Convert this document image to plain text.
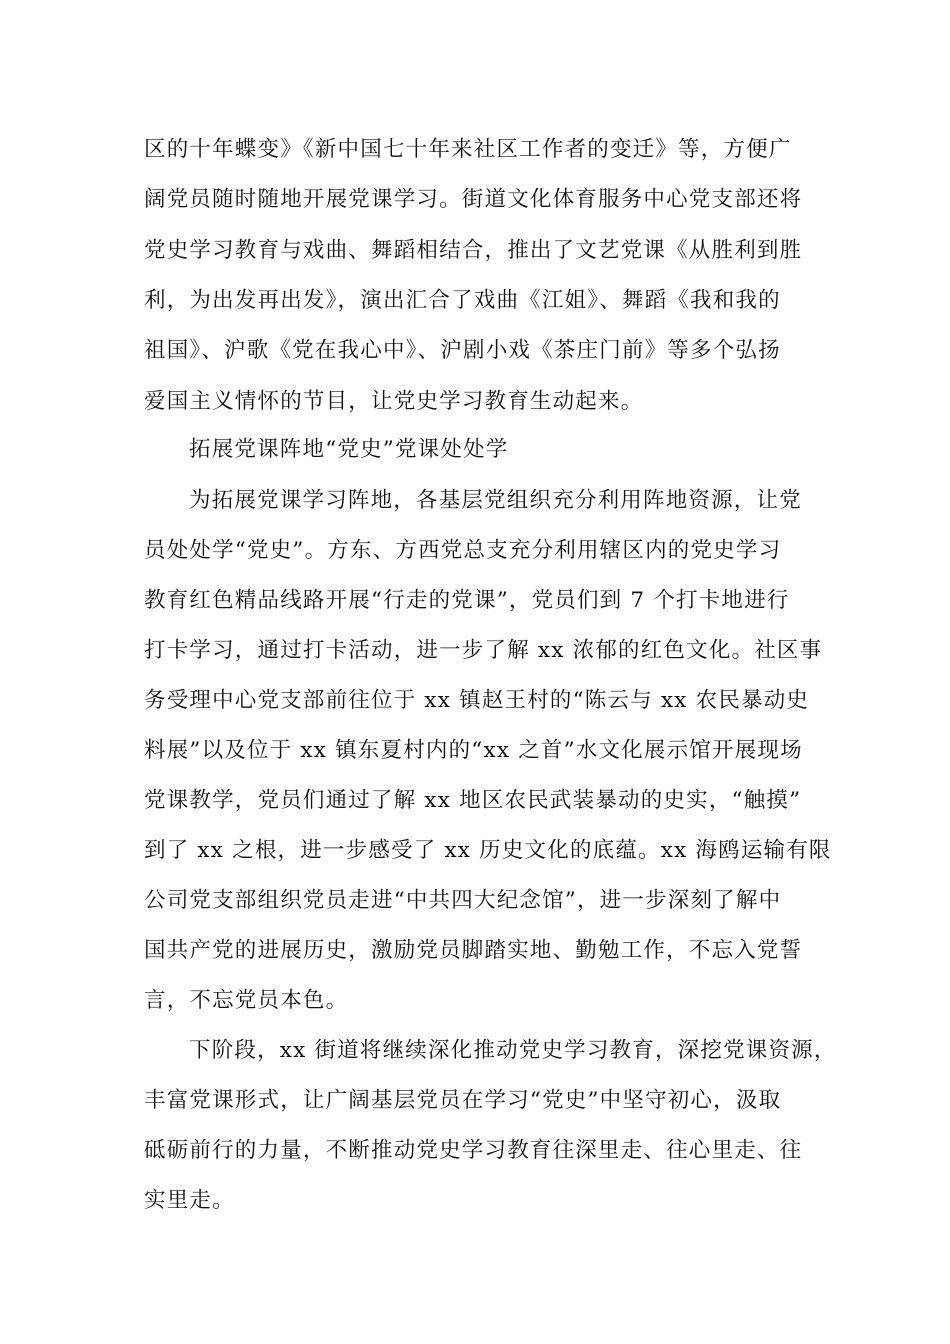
区的十年蝶变》《新中国七十年来社区工作者的变迁》等，方便广
阔党员随时随地开展党课学习。街道文化体育服务中心党支部还将
党史学习教育与戏曲、舞蹈相结合，推出了文艺党课《从胜利到胜
利，为出发再出发》，演出汇合了戏曲《江姐》、舞蹈《我和我的
祖国》、沪歌《党在我心中》、沪剧小戏《茶庄门前》等多个弘扬
爱国主义情怀的节目，让党史学习教育生动起来。
拓展党课阵地“党史”党课处处学
为拓展党课学习阵地，各基层党组织充分利用阵地资源，让党
员处处学“党史”。方东、方西党总支充分利用辖区内的党史学习
教育红色精品线路开展“行走的党课”，党员们到 7 个打卡地进行
打卡学习，通过打卡活动，进一步了解 xx 浓郁的红色文化。社区事
务受理中心党支部前往位于 xx 镇赵王村的“陈云与 xx 农民暴动史
料展”以及位于 xx 镇东夏村内的“xx 之首”水文化展示馆开展现场
党课教学，党员们通过了解 xx 地区农民武装暴动的史实，“触摸”
到了 xx 之根，进一步感受了 xx 历史文化的底蕴。xx 海鸥运输有限
公司党支部组织党员走进“中共四大纪念馆”，进一步深刻了解中
国共产党的进展历史，激励党员脚踏实地、勤勉工作，不忘入党誓
言，不忘党员本色。
下阶段，xx 街道将继续深化推动党史学习教育，深挖党课资源，
丰富党课形式，让广阔基层党员在学习“党史”中坚守初心，汲取
砥砺前行的力量，不断推动党史学习教育往深里走、往心里走、往
实里走。
